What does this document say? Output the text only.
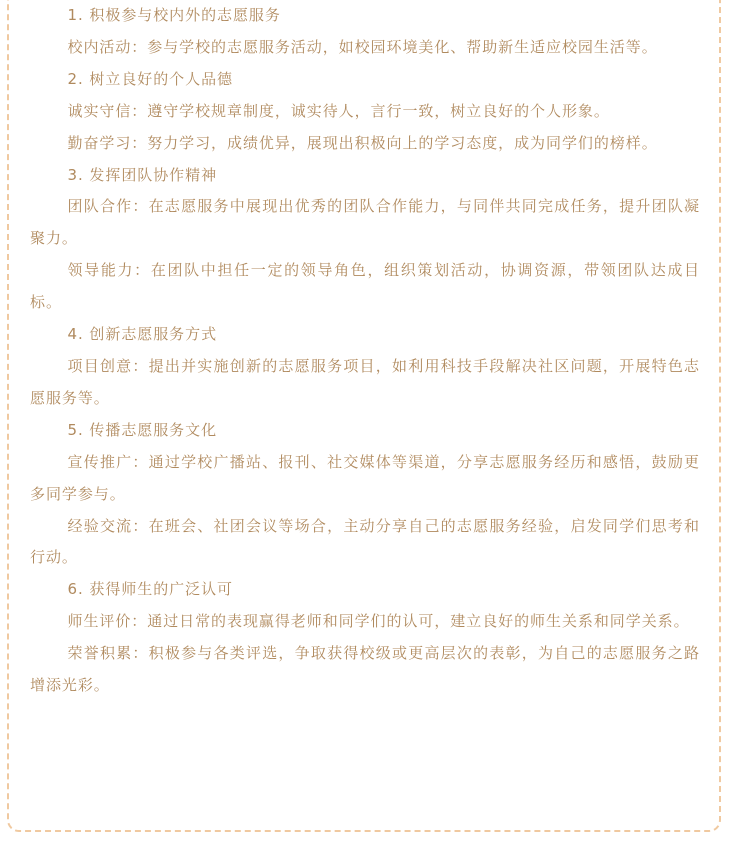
1. 积极参与校内外的志愿服务

校内活动：参与学校的志愿服务活动，如校园环境美化、帮助新生适应校园生活等。

2. 树立良好的个人品德

诚实守信：遵守学校规章制度，诚实待人，言行一致，树立良好的个人形象。

勤奋学习：努力学习，成绩优异，展现出积极向上的学习态度，成为同学们的榜样。

3. 发挥团队协作精神

团队合作：在志愿服务中展现出优秀的团队合作能力，与同伴共同完成任务，提升团队凝聚力。

领导能力：在团队中担任一定的领导角色，组织策划活动，协调资源，带领团队达成目标。

4. 创新志愿服务方式

项目创意：提出并实施创新的志愿服务项目，如利用科技手段解决社区问题，开展特色志愿服务等。

5. 传播志愿服务文化

宣传推广：通过学校广播站、报刊、社交媒体等渠道，分享志愿服务经历和感悟，鼓励更多同学参与。

经验交流：在班会、社团会议等场合，主动分享自己的志愿服务经验，启发同学们思考和行动。

6. 获得师生的广泛认可

师生评价：通过日常的表现赢得老师和同学们的认可，建立良好的师生关系和同学关系。

荣誉积累：积极参与各类评选，争取获得校级或更高层次的表彰，为自己的志愿服务之路增添光彩。
